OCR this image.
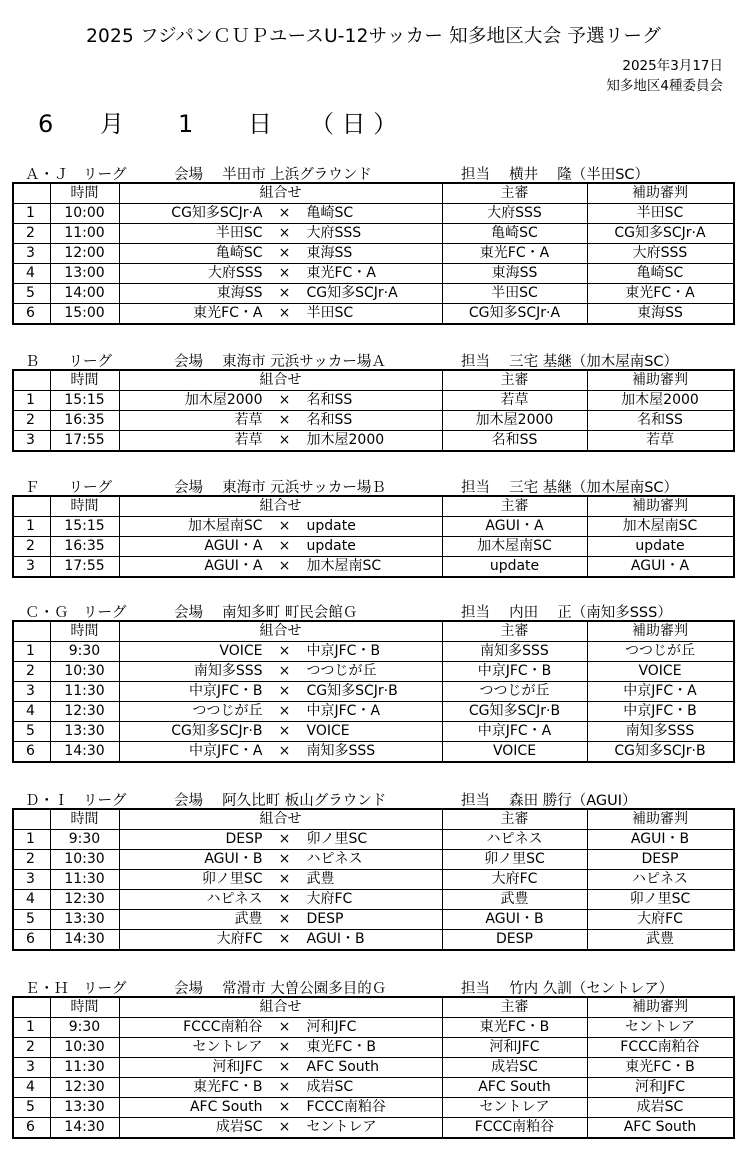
2025 フジパンＣＵＰユースU-12サッカー 知多地区大会 予選リーグ
2025年3月17日
知多地区4種委員会
6 月 1 日 （ 日 ）
Ａ・Ｊ　リーグ	会場　 半田市 上浜グラウンド	担当　 横井　 隆（半田SC）
	時間	組合せ	主審	補助審判
1	10:00	CG知多SCJr·A × 亀崎SC	大府SSS	半田SC
2	11:00	半田SC × 大府SSS	亀崎SC	CG知多SCJr·A
3	12:00	亀崎SC × 東海SS	東光FC・A	大府SSS
4	13:00	大府SSS × 東光FC・A	東海SS	亀崎SC
5	14:00	東海SS × CG知多SCJr·A	半田SC	東光FC・A
6	15:00	東光FC・A × 半田SC	CG知多SCJr·A	東海SS
Ｂ　　リーグ	会場　 東海市 元浜サッカー場Ａ	担当　 三宅 基継（加木屋南SC）
	時間	組合せ	主審	補助審判
1	15:15	加木屋2000 × 名和SS	若草	加木屋2000
2	16:35	若草 × 名和SS	加木屋2000	名和SS
3	17:55	若草 × 加木屋2000	名和SS	若草
Ｆ　　リーグ	会場　 東海市 元浜サッカー場Ｂ	担当　 三宅 基継（加木屋南SC）
	時間	組合せ	主審	補助審判
1	15:15	加木屋南SC × update	AGUI・A	加木屋南SC
2	16:35	AGUI・A × update	加木屋南SC	update
3	17:55	AGUI・A × 加木屋南SC	update	AGUI・A
Ｃ・Ｇ　リーグ	会場　 南知多町 町民会館Ｇ	担当　 内田　 正（南知多SSS）
	時間	組合せ	主審	補助審判
1	9:30	VOICE × 中京JFC・B	南知多SSS	つつじが丘
2	10:30	南知多SSS × つつじが丘	中京JFC・B	VOICE
3	11:30	中京JFC・B × CG知多SCJr·B	つつじが丘	中京JFC・A
4	12:30	つつじが丘 × 中京JFC・A	CG知多SCJr·B	中京JFC・B
5	13:30	CG知多SCJr·B × VOICE	中京JFC・A	南知多SSS
6	14:30	中京JFC・A × 南知多SSS	VOICE	CG知多SCJr·B
Ｄ・Ｉ　リーグ	会場　 阿久比町 板山グラウンド	担当　 森田 勝行（AGUI）
	時間	組合せ	主審	補助審判
1	9:30	DESP × 卯ノ里SC	ハピネス	AGUI・B
2	10:30	AGUI・B × ハピネス	卯ノ里SC	DESP
3	11:30	卯ノ里SC × 武豊	大府FC	ハピネス
4	12:30	ハピネス × 大府FC	武豊	卯ノ里SC
5	13:30	武豊 × DESP	AGUI・B	大府FC
6	14:30	大府FC × AGUI・B	DESP	武豊
Ｅ・Ｈ　リーグ	会場　 常滑市 大曽公園多目的Ｇ	担当　 竹内 久訓（セントレア）
	時間	組合せ	主審	補助審判
1	9:30	FCCC南粕谷 × 河和JFC	東光FC・B	セントレア
2	10:30	セントレア × 東光FC・B	河和JFC	FCCC南粕谷
3	11:30	河和JFC × AFC South	成岩SC	東光FC・B
4	12:30	東光FC・B × 成岩SC	AFC South	河和JFC
5	13:30	AFC South × FCCC南粕谷	セントレア	成岩SC
6	14:30	成岩SC × セントレア	FCCC南粕谷	AFC South
